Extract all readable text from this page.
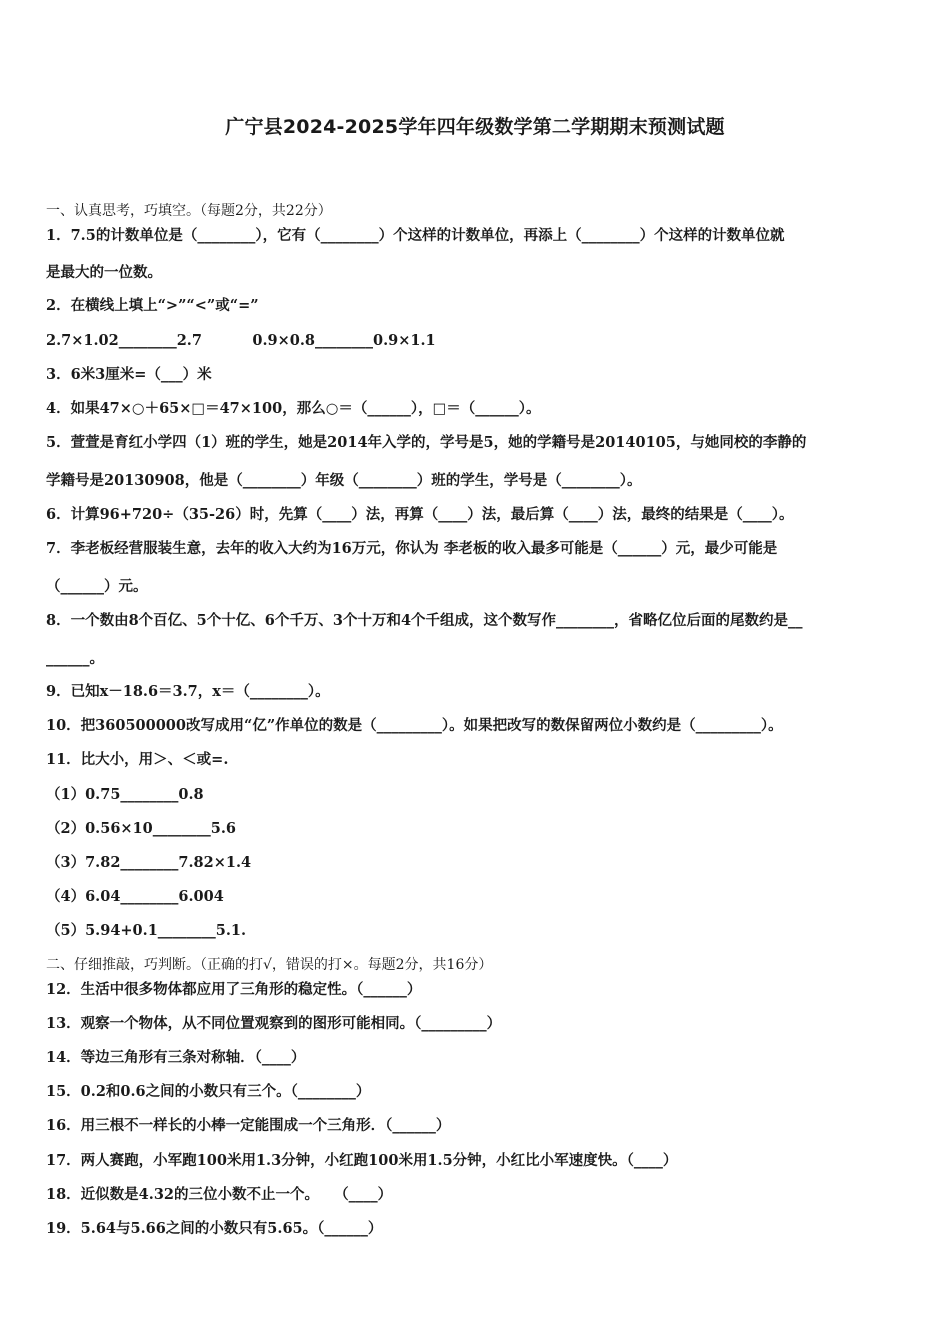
广宁县2024-2025学年四年级数学第二学期期末预测试题
一、认真思考，巧填空。（每题2分，共22分）
1．7.5的计数单位是（________），它有（________）个这样的计数单位，再添上（________）个这样的计数单位就
是最大的一位数。
2．在横线上填上“>”“<”或“=”
2.7×1.02________2.7          0.9×0.8________0.9×1.1
3．6米3厘米=（___）米
4．如果47×○＋65×□＝47×100，那么○＝（______），□＝（______）。
5．萱萱是育红小学四（1）班的学生，她是2014年入学的，学号是5，她的学籍号是20140105，与她同校的李静的
学籍号是20130908，他是（________）年级（________）班的学生，学号是（________）。
6．计算96+720÷（35-26）时，先算（____）法，再算（____）法，最后算（____）法，最终的结果是（____）。
7．李老板经营服装生意，去年的收入大约为16万元，你认为 李老板的收入最多可能是（______）元，最少可能是
（______）元。
8．一个数由8个百亿、5个十亿、6个千万、3个十万和4个千组成，这个数写作________，省略亿位后面的尾数约是__
______。
9．已知x－18.6＝3.7，x＝（________）。
10．把360500000改写成用“亿”作单位的数是（_________）。如果把改写的数保留两位小数约是（_________）。
11．比大小，用＞、＜或=.
（1）0.75________0.8
（2）0.56×10________5.6
（3）7.82________7.82×1.4
（4）6.04________6.004
（5）5.94+0.1________5.1.
二、仔细推敲，巧判断。（正确的打√，错误的打×。每题2分，共16分）
12．生活中很多物体都应用了三角形的稳定性。（______）
13．观察一个物体，从不同位置观察到的图形可能相同。（_________）
14．等边三角形有三条对称轴．（____）
15．0.2和0.6之间的小数只有三个。（________）
16．用三根不一样长的小棒一定能围成一个三角形．（______）
17．两人赛跑，小军跑100米用1.3分钟，小红跑100米用1.5分钟，小红比小军速度快。（____）
18．近似数是4.32的三位小数不止一个。   （____）
19．5.64与5.66之间的小数只有5.65。（______）
